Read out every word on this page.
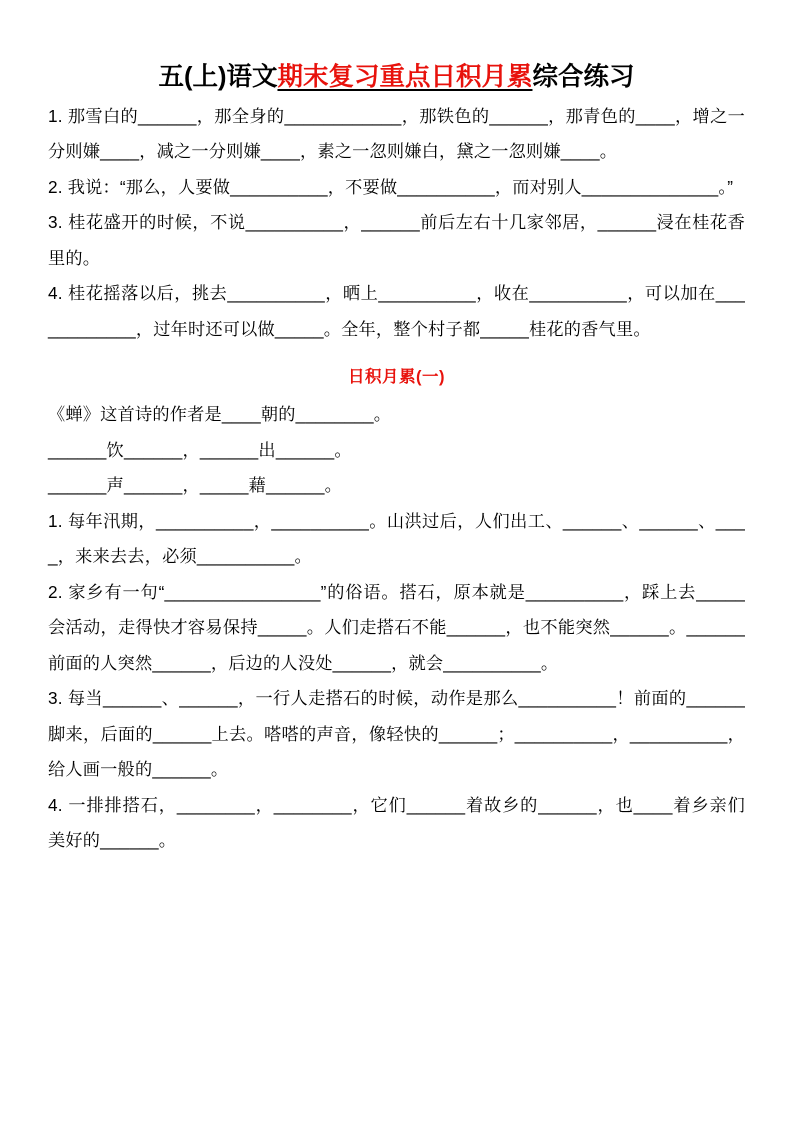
五(上)语文期末复习重点日积月累综合练习

1. 那雪白的______，那全身的____________，那铁色的______，那青色的____，增之一分则嫌____，减之一分则嫌____，素之一忽则嫌白，黛之一忽则嫌____。

2. 我说：“那么，人要做__________，不要做__________，而对别人______________。”

3. 桂花盛开的时候，不说__________，______前后左右十几家邻居，______浸在桂花香里的。

4. 桂花摇落以后，挑去__________，晒上__________，收在__________，可以加在____________，过年时还可以做_____。全年，整个村子都_____桂花的香气里。

日积月累(一)

《蝉》这首诗的作者是____朝的________。

______饮______，______出______。

______声______，_____藉______。

1. 每年汛期，__________，__________。山洪过后，人们出工、______、______、____，来来去去，必须__________。

2. 家乡有一句“________________”的俗语。搭石，原本就是__________，踩上去_____会活动，走得快才容易保持_____。人们走搭石不能______，也不能突然______。______前面的人突然______，后边的人没处______，就会__________。

3. 每当______、______，一行人走搭石的时候，动作是那么__________！前面的______脚来，后面的______上去。嗒嗒的声音，像轻快的______；__________，__________，给人画一般的______。

4. 一排排搭石，________，________，它们______着故乡的______，也____着乡亲们美好的______。
